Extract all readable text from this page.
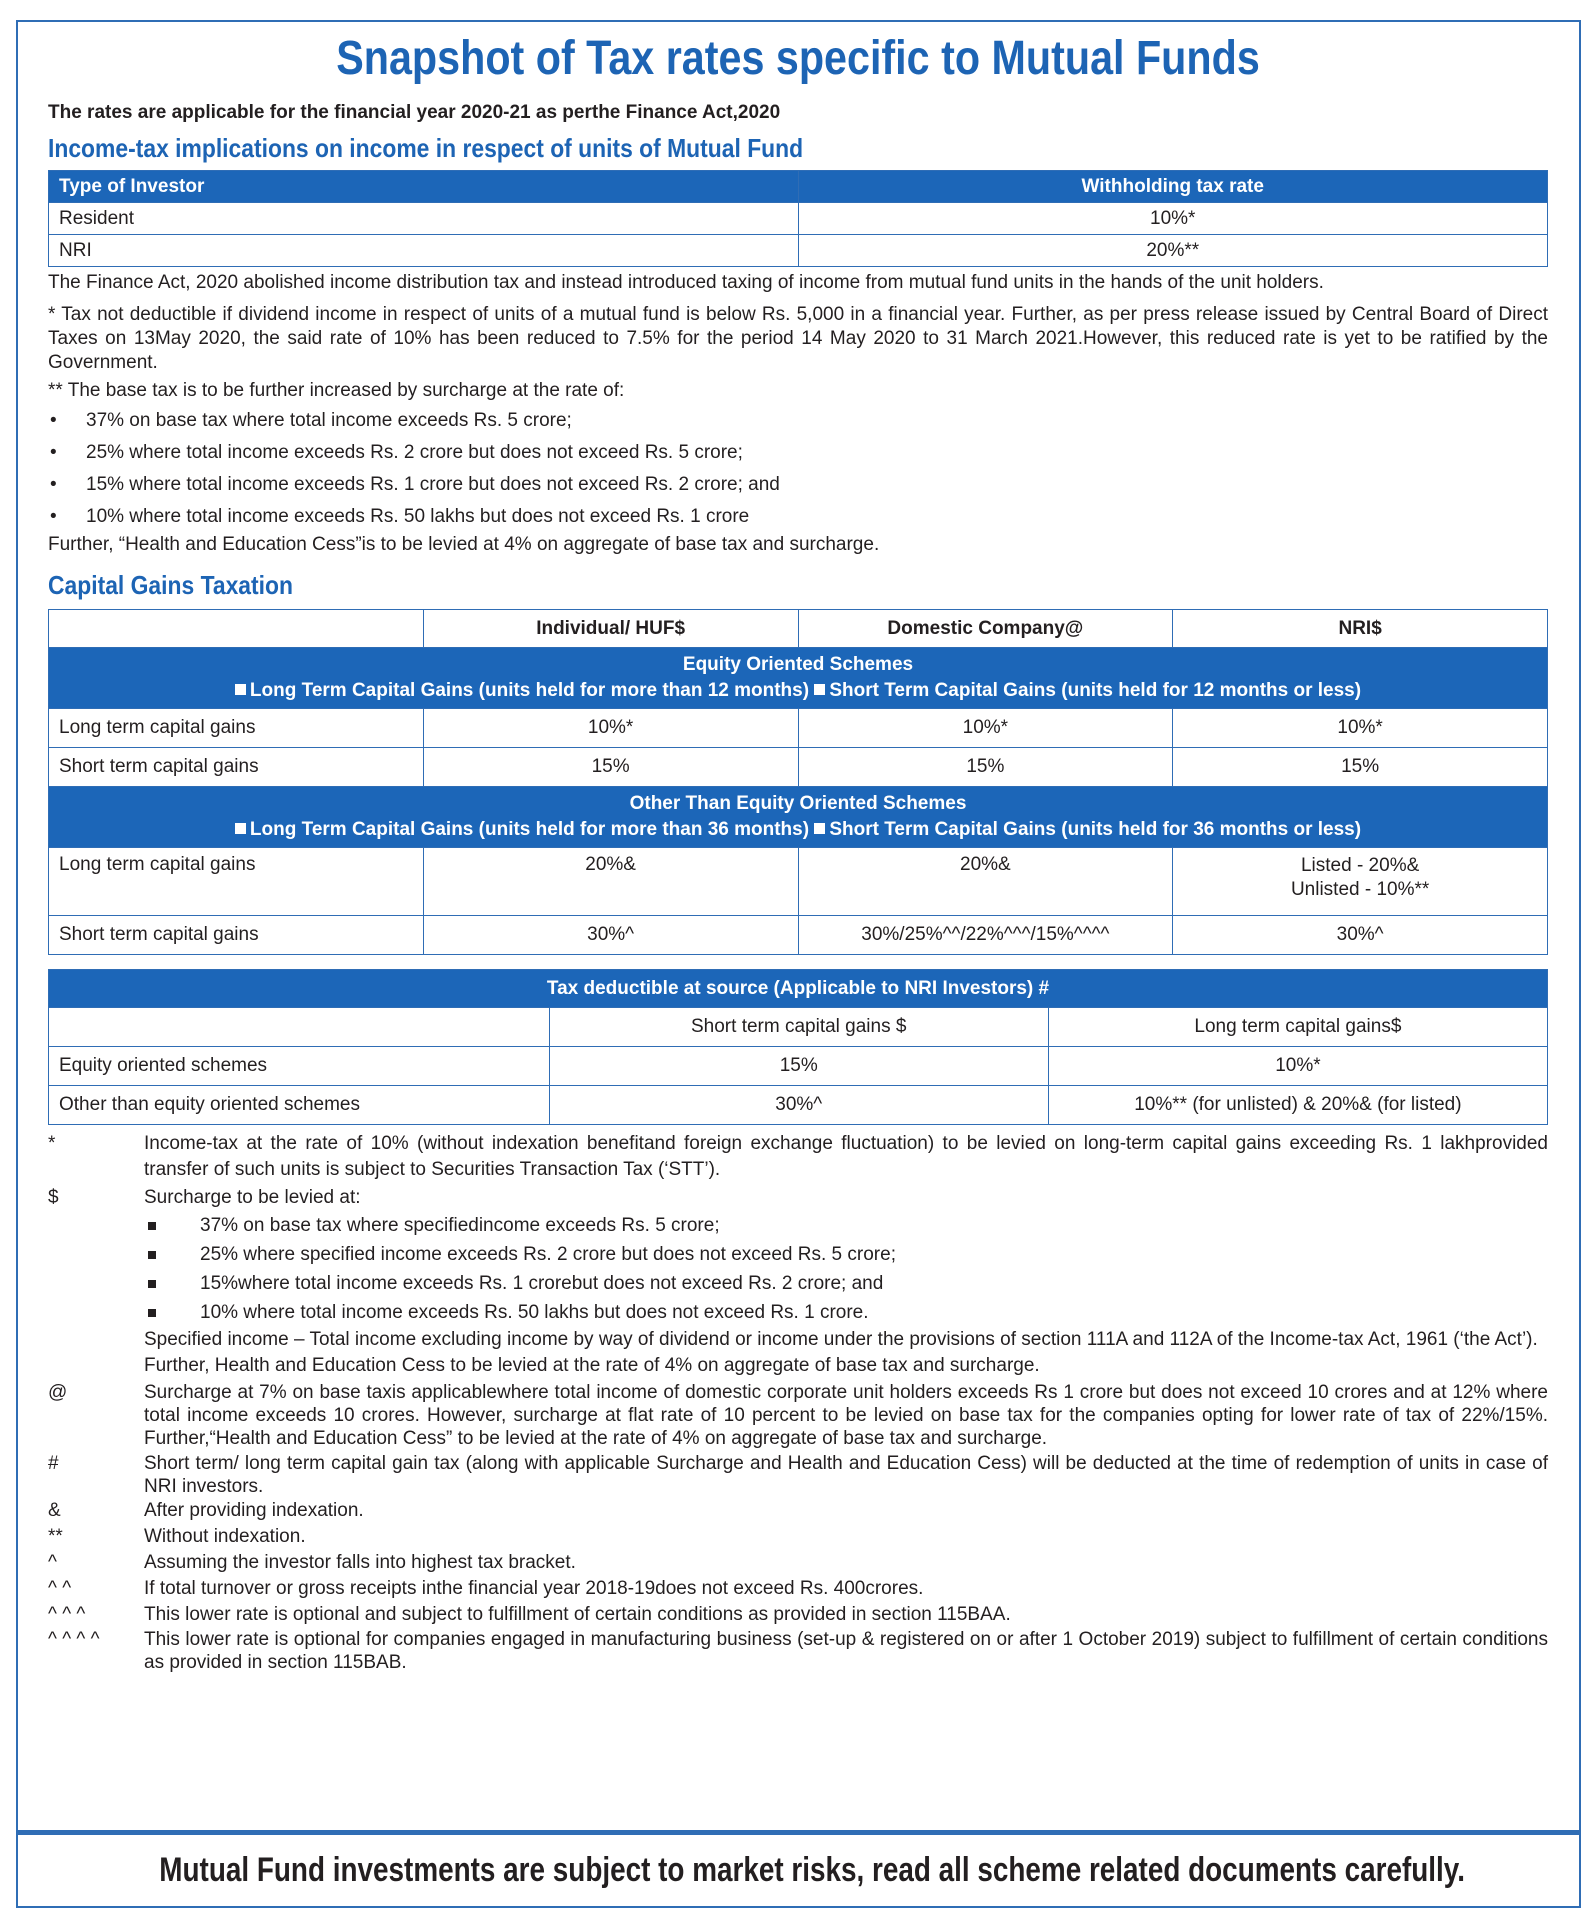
Snapshot of Tax rates specific to Mutual Funds
The rates are applicable for the financial year 2020-21 as perthe Finance Act,2020
Income-tax implications on income in respect of units of Mutual Fund
Type of Investor	Withholding tax rate
Resident	10%*
NRI	20%**
The Finance Act, 2020 abolished income distribution tax and instead introduced taxing of income from mutual fund units in the hands of the unit holders.
* Tax not deductible if dividend income in respect of units of a mutual fund is below Rs. 5,000 in a financial year. Further, as per press release issued by Central Board of Direct Taxes on 13May 2020, the said rate of 10% has been reduced to 7.5% for the period 14 May 2020 to 31 March 2021.However, this reduced rate is yet to be ratified by the Government.
** The base tax is to be further increased by surcharge at the rate of:
• 37% on base tax where total income exceeds Rs. 5 crore;
• 25% where total income exceeds Rs. 2 crore but does not exceed Rs. 5 crore;
• 15% where total income exceeds Rs. 1 crore but does not exceed Rs. 2 crore; and
• 10% where total income exceeds Rs. 50 lakhs but does not exceed Rs. 1 crore
Further, “Health and Education Cess”is to be levied at 4% on aggregate of base tax and surcharge.
Capital Gains Taxation
	Individual/ HUF$	Domestic Company@	NRI$

Equity Oriented Schemes
Long Term Capital Gains (units held for more than 12 months) Short Term Capital Gains (units held for 12 months or less)			

Long term capital gains	10%*	10%*	10%*
Short term capital gains	15%	15%	15%

Other Than Equity Oriented Schemes
Long Term Capital Gains (units held for more than 36 months) Short Term Capital Gains (units held for 36 months or less)			

Long term capital gains	20%&	20%&	Listed - 20%&
Unlisted - 10%**

Short term capital gains	30%^	30%/25%^^/22%^^^/15%^^^^	30%^
Tax deductible at source (Applicable to NRI Investors) #		
	Short term capital gains $	Long term capital gains$
Equity oriented schemes	15%	10%*
Other than equity oriented schemes	30%^	10%** (for unlisted) & 20%& (for listed)
*	Income-tax at the rate of 10% (without indexation benefitand foreign exchange fluctuation) to be levied on long-term capital gains exceeding Rs. 1 lakhprovided transfer of such units is subject to Securities Transaction Tax (‘STT’).
$	Surcharge to be levied at:
37% on base tax where specifiedincome exceeds Rs. 5 crore;
25% where specified income exceeds Rs. 2 crore but does not exceed Rs. 5 crore;
15%where total income exceeds Rs. 1 crorebut does not exceed Rs. 2 crore; and
10% where total income exceeds Rs. 50 lakhs but does not exceed Rs. 1 crore.
Specified income – Total income excluding income by way of dividend or income under the provisions of section 111A and 112A of the Income-tax Act, 1961 (‘the Act’).
Further, Health and Education Cess to be levied at the rate of 4% on aggregate of base tax and surcharge.
@	Surcharge at 7% on base taxis applicablewhere total income of domestic corporate unit holders exceeds Rs 1 crore but does not exceed 10 crores and at 12% where total income exceeds 10 crores. However, surcharge at flat rate of 10 percent to be levied on base tax for the companies opting for lower rate of tax of 22%/15%. Further,“Health and Education Cess” to be levied at the rate of 4% on aggregate of base tax and surcharge.
#	Short term/ long term capital gain tax (along with applicable Surcharge and Health and Education Cess) will be deducted at the time of redemption of units in case of NRI investors.
&	After providing indexation.
**	Without indexation.
^	Assuming the investor falls into highest tax bracket.
^ ^	If total turnover or gross receipts inthe financial year 2018-19does not exceed Rs. 400crores.
^ ^ ^	This lower rate is optional and subject to fulfillment of certain conditions as provided in section 115BAA.
^ ^ ^ ^	This lower rate is optional for companies engaged in manufacturing business (set-up & registered on or after 1 October 2019) subject to fulfillment of certain conditions as provided in section 115BAB.
Mutual Fund investments are subject to market risks, read all scheme related documents carefully.
